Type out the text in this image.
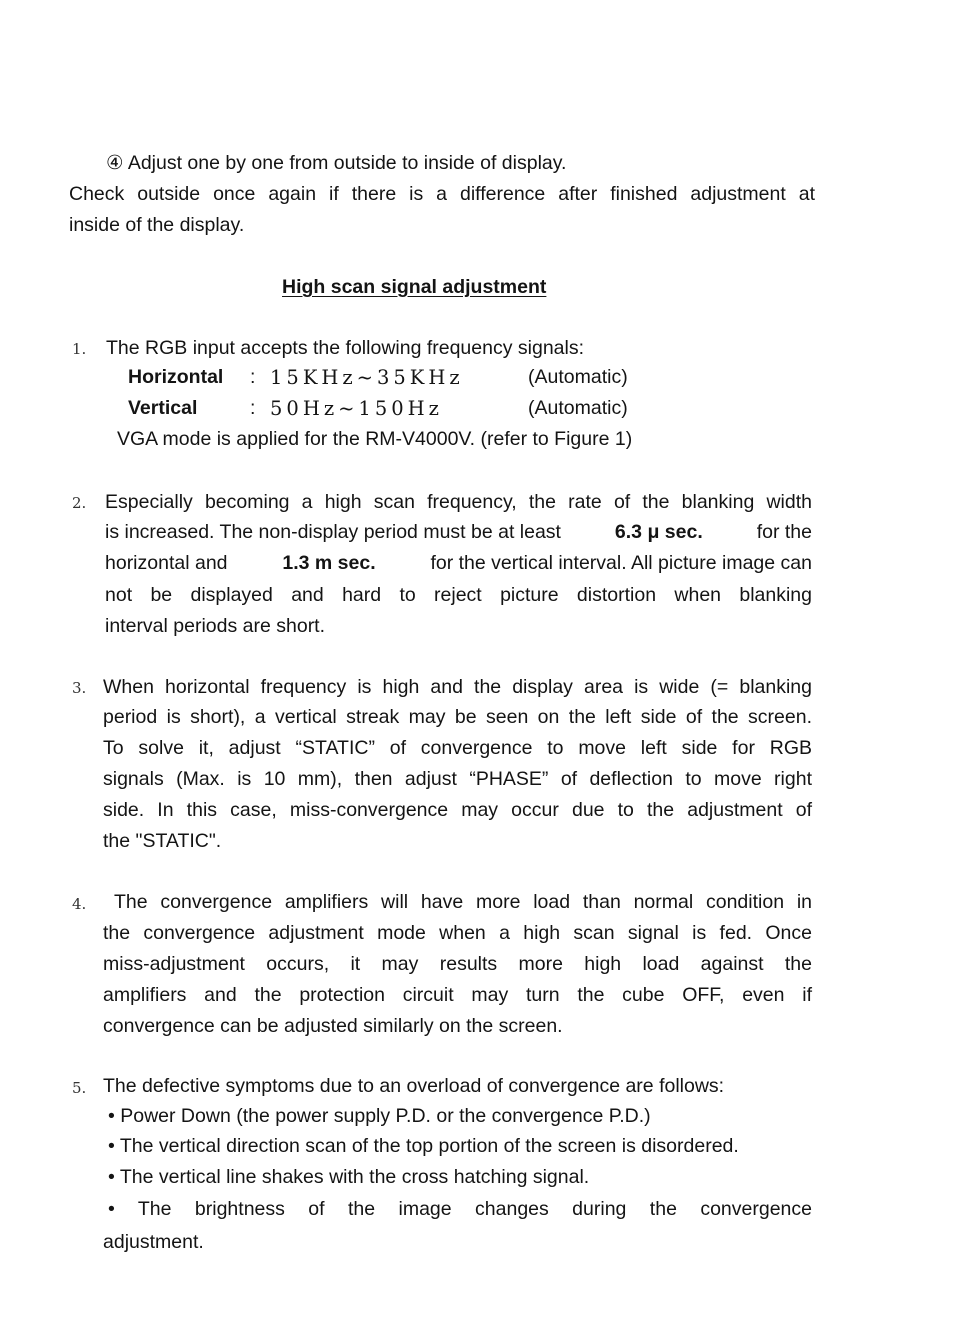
④ Adjust one by one from outside to inside of display.
Check outside once again if there is a difference after finished adjustment at
inside of the display.
High scan signal adjustment
1. The RGB input accepts the following frequency signals:
Horizontal : 15KHz~35KHz	(Automatic)
Vertical	: 50Hz~150Hz	(Automatic)
VGA mode is applied for the RM-V4000V. (refer to Figure 1)
2. Especially becoming a high scan frequency, the rate of the blanking width
is increased. The non-display period must be at least	6.3 μ sec.	for the
horizontal and	1.3 m sec.	for the vertical interval. All picture image can
not be displayed and hard to reject picture distortion when blanking
interval periods are short.
3. When horizontal frequency is high and the display area is wide (= blanking
period is short), a vertical streak may be seen on the left side of the screen.
To solve it, adjust “STATIC” of convergence to move left side for RGB
signals (Max. is 10 mm), then adjust “PHASE” of deflection to move right
side. In this case, miss-convergence may occur due to the adjustment of
the "STATIC".
4. The convergence amplifiers will have more load than normal condition in
the convergence adjustment mode when a high scan signal is fed. Once
miss-adjustment occurs, it may results more high load against the
amplifiers and the protection circuit may turn the cube OFF, even if
convergence can be adjusted similarly on the screen.
5. The defective symptoms due to an overload of convergence are follows:
• Power Down (the power supply P.D. or the convergence P.D.)
• The vertical direction scan of the top portion of the screen is disordered.
• The vertical line shakes with the cross hatching signal.
• The brightness of the image changes during the convergence
adjustment.
